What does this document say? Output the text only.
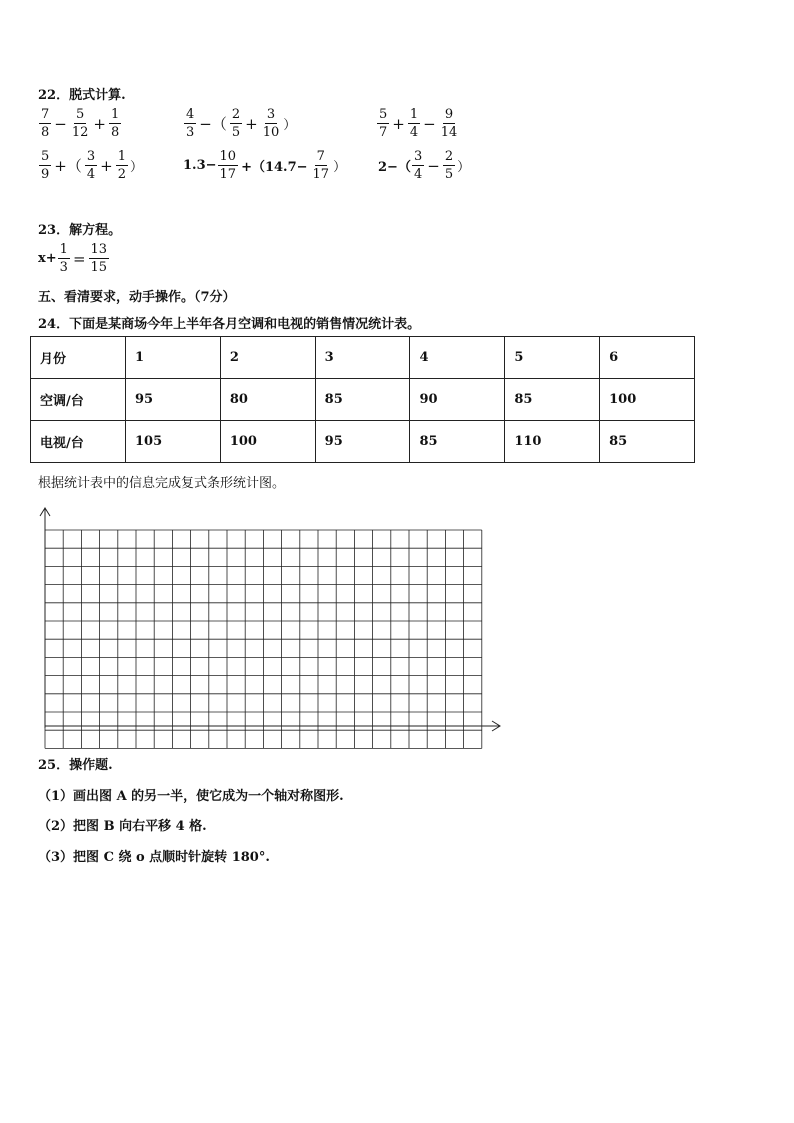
22．脱式计算.
$\frac{7}{8} - \frac{5}{12} + \frac{1}{8}$	$\frac{4}{3}$ −（ $\frac{2}{5} + \frac{3}{10}$ ）	$\frac{5}{7} + \frac{1}{4} - \frac{9}{14}$
$\frac{5}{9}$ +（ $\frac{3}{4} + \frac{1}{2}$ ）	$1.3- \frac{10}{17} +(14.7- \frac{7}{17}$ ） $2-( \frac{3}{4} - \frac{2}{5}$ ）
23．解方程。
$x+ \frac{1}{3} = \frac{13}{15}$
五、看清要求，动手操作。（7分）
24．下面是某商场今年上半年各月空调和电视的销售情况统计表。
月份	1	2	3	4	5	6
空调/台	95	80	85	90	85	100
电视/台	105	100	95	85	110	85
根据统计表中的信息完成复式条形统计图。
25．操作题.
（1）画出图 A 的另一半，使它成为一个轴对称图形.
（2）把图 B 向右平移 4 格.
（3）把图 C 绕 o 点顺时针旋转 180°.
